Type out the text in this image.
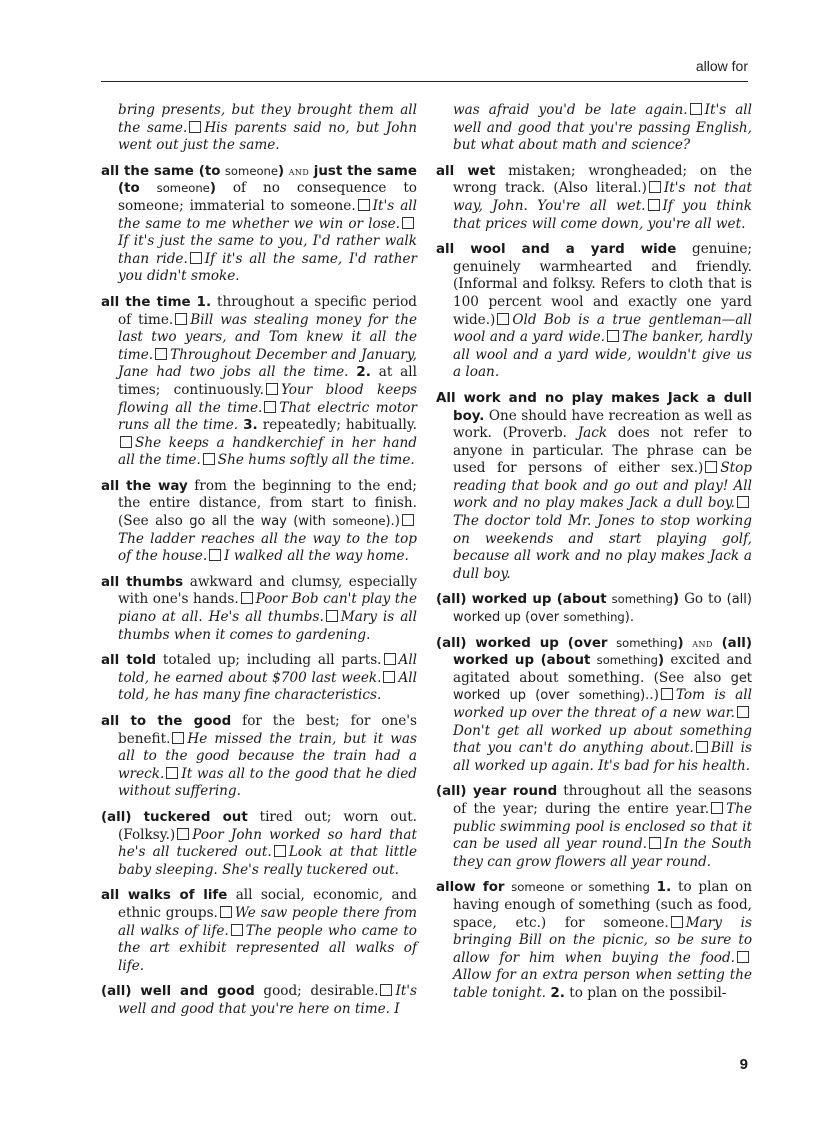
allow for

bring presents, but they brought them all the same. His parents said no, but John went out just the same.

all the same (to someone) and just the same (to someone) of no consequence to someone; immaterial to someone. It's all the same to me whether we win or lose.If it's just the same to you, I'd rather walk than ride. If it's all the same, I'd rather you didn't smoke.

all the time 1. throughout a specific period of time. Bill was stealing money for the last two years, and Tom knew it all the time. Throughout December and January, Jane had two jobs all the time. 2. at all times; continuously. Your blood keeps flowing all the time. That electric motor runs all the time. 3. repeatedly; habitually.She keeps a handkerchief in her hand all the time. She hums softly all the time.

all the way from the beginning to the end; the entire distance, from start to finish. (See also go all the way (with someone).)The ladder reaches all the way to the top of the house. I walked all the way home.

all thumbs awkward and clumsy, especially with one's hands. Poor Bob can't play the piano at all. He's all thumbs. Mary is all thumbs when it comes to gardening.

all told totaled up; including all parts. All told, he earned about $700 last week. All told, he has many fine characteristics.

all to the good for the best; for one's benefit. He missed the train, but it was all to the good because the train had a wreck. It was all to the good that he died without suffering.

(all) tuckered out tired out; worn out. (Folksy.) Poor John worked so hard that he's all tuckered out. Look at that little baby sleeping. She's really tuckered out.

all walks of life all social, economic, and ethnic groups. We saw people there from all walks of life. The people who came to the art exhibit represented all walks of life.

(all) well and good good; desirable. It's well and good that you're here on time. I

was afraid you'd be late again. It's all well and good that you're passing English, but what about math and science?

all wet mistaken; wrongheaded; on the wrong track. (Also literal.) It's not that way, John. You're all wet. If you think that prices will come down, you're all wet.

all wool and a yard wide genuine; genuinely warmhearted and friendly. (Informal and folksy. Refers to cloth that is 100 percent wool and exactly one yard wide.) Old Bob is a true gentleman—all wool and a yard wide. The banker, hardly all wool and a yard wide, wouldn't give us a loan.

All work and no play makes Jack a dull boy. One should have recreation as well as work. (Proverb. Jack does not refer to anyone in particular. The phrase can be used for persons of either sex.) Stop reading that book and go out and play! All work and no play makes Jack a dull boy.The doctor told Mr. Jones to stop working on weekends and start playing golf, because all work and no play makes Jack a dull boy.

(all) worked up (about something) Go to (all) worked up (over something).

(all) worked up (over something) and (all) worked up (about something) excited and agitated about something. (See also get worked up (over something)..) Tom is all worked up over the threat of a new war.Don't get all worked up about something that you can't do anything about. Bill is all worked up again. It's bad for his health.

(all) year round throughout all the seasons of the year; during the entire year. The public swimming pool is enclosed so that it can be used all year round. In the South they can grow flowers all year round.

allow for someone or something 1. to plan on having enough of something (such as food, space, etc.) for someone. Mary is bringing Bill on the picnic, so be sure to allow for him when buying the food.Allow for an extra person when setting the table tonight. 2. to plan on the possibil-

9
